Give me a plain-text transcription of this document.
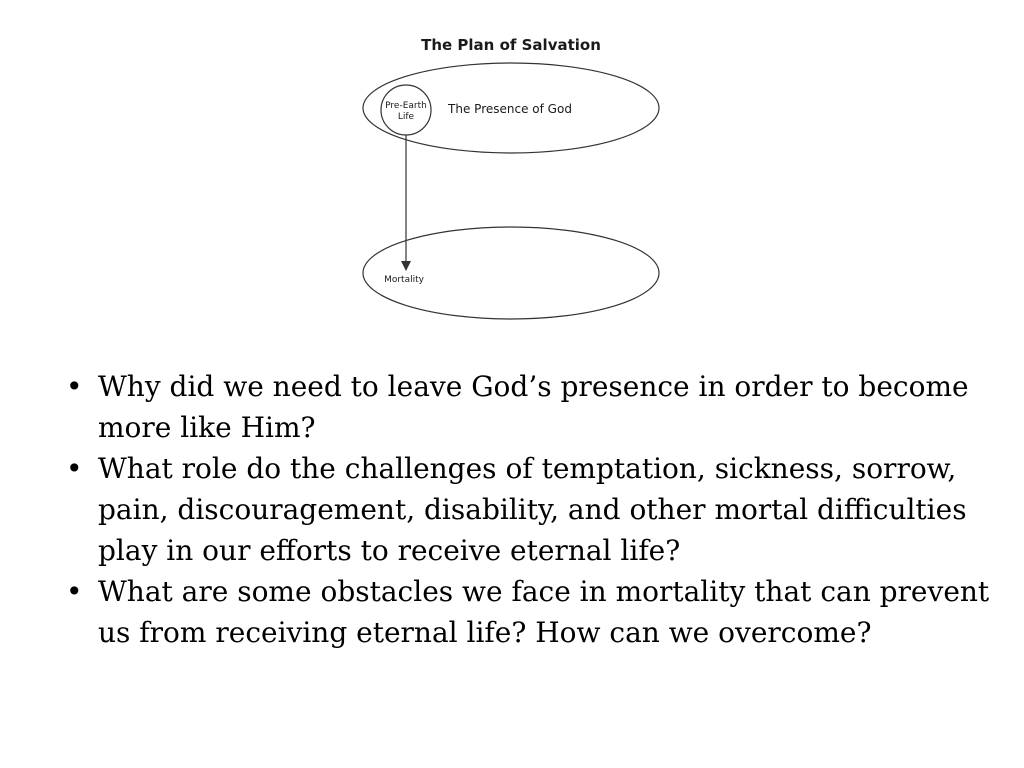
The Plan of Salvation
The Presence of God
Pre-Earth
Life
Mortality
• Why did we need to leave God’s presence in order to become more like Him?
• What role do the challenges of temptation, sickness, sorrow, pain, discouragement, disability, and other mortal difficulties play in our efforts to receive eternal life?
• What are some obstacles we face in mortality that can prevent us from receiving eternal life? How can we overcome?
